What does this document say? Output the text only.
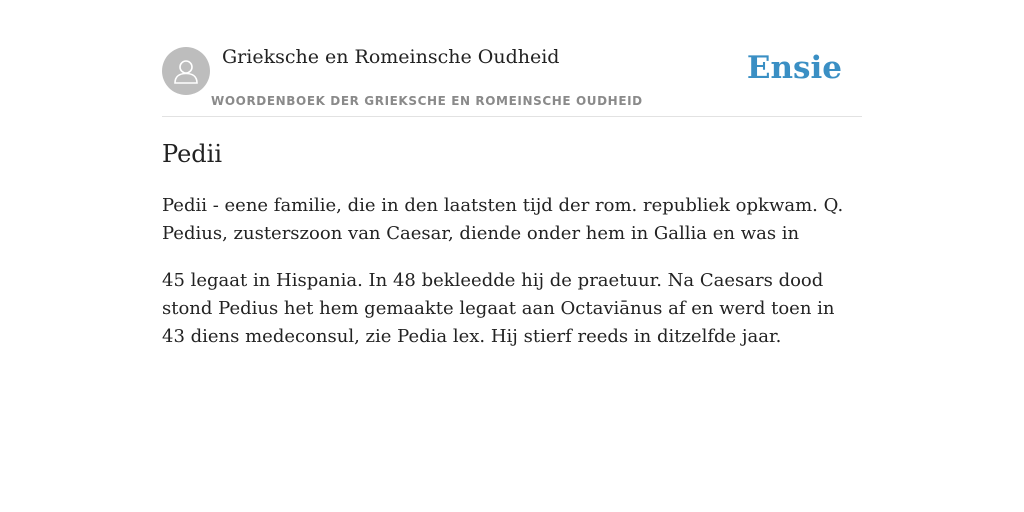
Grieksche en Romeinsche Oudheid
WOORDENBOEK DER GRIEKSCHE EN ROMEINSCHE OUDHEID
Ensie
Pedii

Pedii - eene familie, die in den laatsten tijd der rom. republiek opkwam. Q. Pedius, zusterszoon van Caesar, diende onder hem in Gallia en was in

45 legaat in Hispania. In 48 bekleedde hij de praetuur. Na Caesars dood stond Pedius het hem gemaakte legaat aan Octaviānus af en werd toen in 43 diens medeconsul, zie Pedia lex. Hij stierf reeds in ditzelfde jaar.
